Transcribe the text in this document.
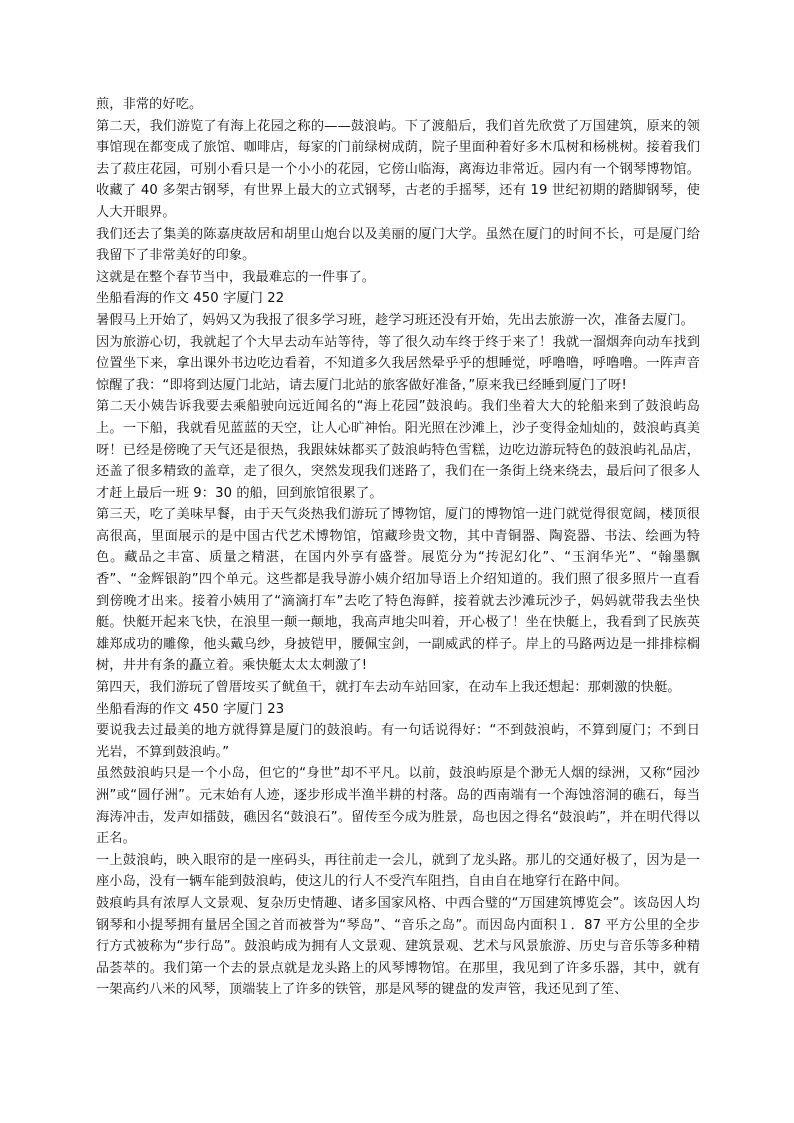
煎，非常的好吃。

第二天，我们游览了有海上花园之称的——鼓浪屿。下了渡船后，我们首先欣赏了万国建筑，原来的领事馆现在都变成了旅馆、咖啡店，每家的门前绿树成荫，院子里面种着好多木瓜树和杨桃树。接着我们去了菽庄花园，可别小看只是一个小小的花园，它傍山临海，离海边非常近。园内有一个钢琴博物馆。收藏了 40 多架古钢琴，有世界上最大的立式钢琴，古老的手摇琴，还有 19 世纪初期的踏脚钢琴，使人大开眼界。

我们还去了集美的陈嘉庚故居和胡里山炮台以及美丽的厦门大学。虽然在厦门的时间不长，可是厦门给我留下了非常美好的印象。

这就是在整个春节当中，我最难忘的一件事了。

坐船看海的作文 450 字厦门 22

暑假马上开始了，妈妈又为我报了很多学习班，趁学习班还没有开始，先出去旅游一次，准备去厦门。

因为旅游心切，我就起了个大早去动车站等待，等了很久动车终于终于来了！我就一溜烟奔向动车找到位置坐下来，拿出课外书边吃边看着，不知道多久我居然晕乎乎的想睡觉，呼噜噜，呼噜噜。一阵声音惊醒了我：“即将到达厦门北站，请去厦门北站的旅客做好准备，”原来我已经睡到厦门了呀!

第二天小姨告诉我要去乘船驶向远近闻名的“海上花园”鼓浪屿。我们坐着大大的轮船来到了鼓浪屿岛上。一下船，我就看见蓝蓝的天空，让人心旷神怡。阳光照在沙滩上，沙子变得金灿灿的，鼓浪屿真美呀！已经是傍晚了天气还是很热，我跟妹妹都买了鼓浪屿特色雪糕，边吃边游玩特色的鼓浪屿礼品店，还盖了很多精致的盖章，走了很久，突然发现我们迷路了，我们在一条街上绕来绕去，最后问了很多人才赶上最后一班 9：30 的船，回到旅馆很累了。

第三天，吃了美味早餐，由于天气炎热我们游玩了博物馆，厦门的博物馆一进门就觉得很宽阔，楼顶很高很高，里面展示的是中国古代艺术博物馆，馆藏珍贵文物，其中青铜器、陶瓷器、书法、绘画为特色。藏品之丰富、质量之精湛，在国内外享有盛誉。展览分为“抟泥幻化”、“玉润华光”、“翰墨飘香”、“金辉银韵”四个单元。这些都是我导游小姨介绍加导语上介绍知道的。我们照了很多照片一直看到傍晚才出来。接着小姨用了“滴滴打车”去吃了特色海鲜，接着就去沙滩玩沙子，妈妈就带我去坐快艇。快艇开起来飞快，在浪里一颠一颠地，我高声地尖叫着，开心极了！坐在快艇上，我看到了民族英雄郑成功的雕像，他头戴乌纱，身披铠甲，腰佩宝剑，一副威武的样子。岸上的马路两边是一排排棕榈树，井井有条的矗立着。乘快艇太太太刺激了!

第四天，我们游玩了曾厝垵买了鱿鱼干，就打车去动车站回家，在动车上我还想起：那刺激的快艇。

坐船看海的作文 450 字厦门 23

要说我去过最美的地方就得算是厦门的鼓浪屿。有一句话说得好：“不到鼓浪屿，不算到厦门；不到日光岩，不算到鼓浪屿。”

虽然鼓浪屿只是一个小岛，但它的“身世”却不平凡。以前，鼓浪屿原是个渺无人烟的绿洲，又称“园沙洲”或“圆仔洲”。元末始有人迹，逐步形成半渔半耕的村落。岛的西南端有一个海蚀溶洞的礁石，每当海涛冲击，发声如擂鼓，礁因名“鼓浪石”。留传至今成为胜景，岛也因之得名“鼓浪屿”，并在明代得以正名。

一上鼓浪屿，映入眼帘的是一座码头，再往前走一会儿，就到了龙头路。那儿的交通好极了，因为是一座小岛，没有一辆车能到鼓浪屿，使这儿的行人不受汽车阻挡，自由自在地穿行在路中间。

鼓痕屿具有浓厚人文景观、复杂历史情趣、诸多国家风格、中西合璧的“万国建筑博览会”。该岛因人均钢琴和小提琴拥有量居全国之首而被誉为“琴岛”、“音乐之岛”。而因岛内面积１．87 平方公里的全步行方式被称为“步行岛”。鼓浪屿成为拥有人文景观、建筑景观、艺术与风景旅游、历史与音乐等多种精品荟萃的。我们第一个去的景点就是龙头路上的风琴博物馆。在那里，我见到了许多乐器，其中，就有一架高约八米的风琴，顶端装上了许多的铁管，那是风琴的键盘的发声管，我还见到了笙、
